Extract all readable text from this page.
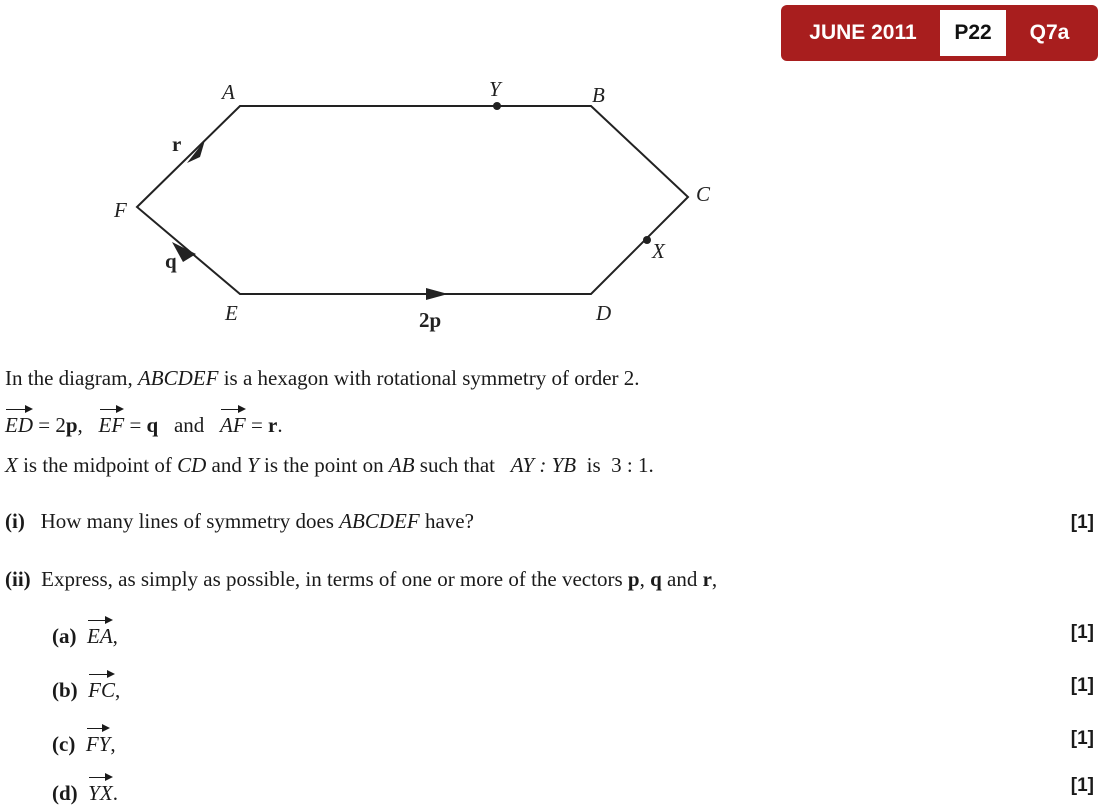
JUNE 2011	P22	Q7a
A	Y	B
C
X
D
E
F
r
q
2p
In the diagram, ABCDEF is a hexagon with rotational symmetry of order 2.
ED = 2p, EF = q and AF = r.
X is the midpoint of CD and Y is the point on AB such that   AY : YB is 3 : 1.
(i) How many lines of symmetry does ABCDEF have?	[1]
(ii) Express, as simply as possible, in terms of one or more of the vectors p, q and r,
(a) EA,	[1]
(b) FC,	[1]
(c) FY,	[1]
(d) YX.	[1]
